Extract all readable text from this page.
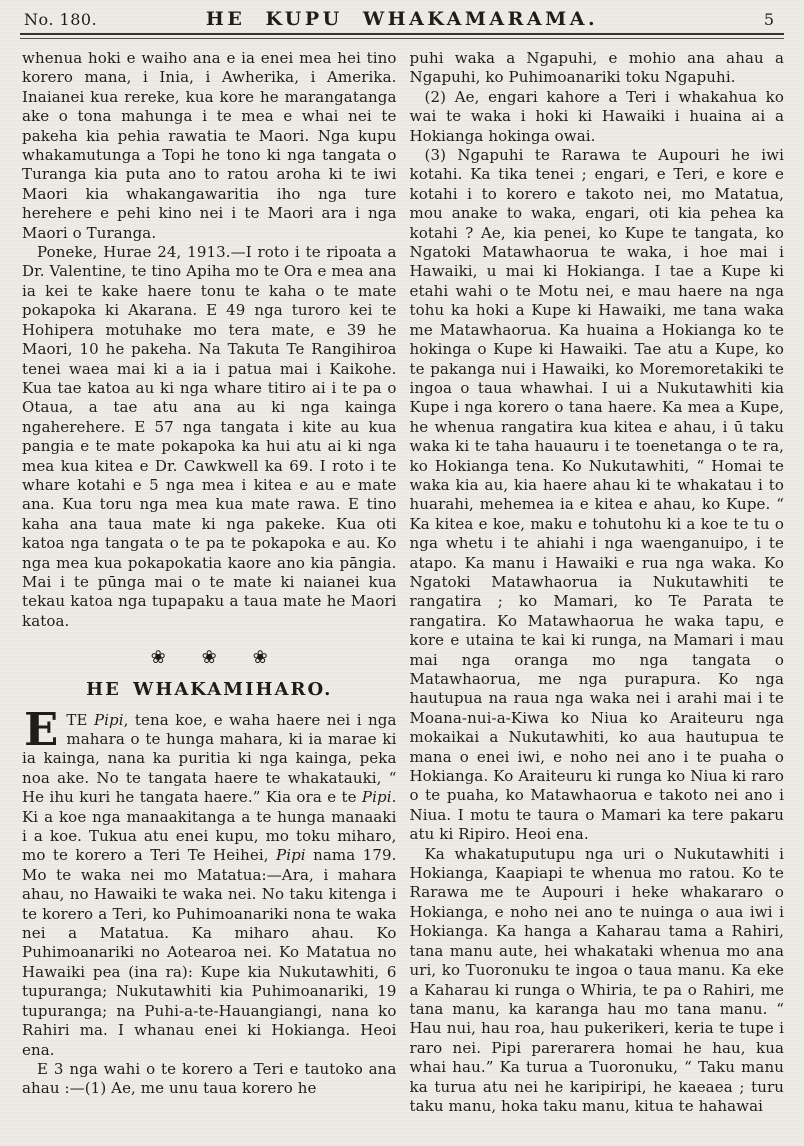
No. 180.	HE KUPU WHAKAMARAMA.	5

whenua hoki e waiho ana e ia enei mea hei tino korero mana, i Inia, i Awherika, i Amerika. Inaianei kua rereke, kua kore he marangatanga ake o tona mahunga i te mea e whai nei te pakeha kia pehia rawatia te Maori. Nga kupu whakamutunga a Topi he tono ki nga tangata o Turanga kia puta ano to ratou aroha ki te iwi Maori kia whakangawaritia iho nga ture herehere e pehi kino nei i te Maori ara i nga Maori o Turanga.

Poneke, Hurae 24, 1913.—I roto i te ripoata a Dr. Valentine, te tino Apiha mo te Ora e mea ana ia kei te kake haere tonu te kaha o te mate pokapoka ki Akarana. E 49 nga turoro kei te Hohipera motuhake mo tera mate, e 39 he Maori, 10 he pakeha. Na Takuta Te Rangihiroa tenei waea mai ki a ia i patua mai i Kaikohe. Kua tae katoa au ki nga whare titiro ai i te pa o Otaua, a tae atu ana au ki nga kainga ngaherehere. E 57 nga tangata i kite au kua pangia e te mate pokapoka ka hui atu ai ki nga mea kua kitea e Dr. Cawkwell ka 69. I roto i te whare kotahi e 5 nga mea i kitea e au e mate ana. Kua toru nga mea kua mate rawa. E tino kaha ana taua mate ki nga pakeke. Kua oti katoa nga tangata o te pa te pokapoka e au. Ko nga mea kua pokapokatia kaore ano kia pāngia. Mai i te pūnga mai o te mate ki naianei kua tekau katoa nga tupapaku a taua mate he Maori katoa.

❀ ❀ ❀
HE WHAKAMIHARO.

ETE Pipi, tena koe, e waha haere nei i nga mahara o te hunga mahara, ki ia marae ki ia kainga, nana ka puritia ki nga kainga, peka noa ake. No te tangata haere te whakatauki, “ He ihu kuri he tangata haere.” Kia ora e te Pipi. Ki a koe nga manaakitanga a te hunga manaaki i a koe. Tukua atu enei kupu, mo toku miharo, mo te korero a Teri Te Heihei, Pipi nama 179. Mo te waka nei mo Matatua:—Ara, i mahara ahau, no Hawaiki te waka nei. No taku kitenga i te korero a Teri, ko Puhimoanariki nona te waka nei a Matatua. Ka miharo ahau. Ko Puhimoanariki no Aotearoa nei. Ko Matatua no Hawaiki pea (ina ra): Kupe kia Nukutawhiti, 6 tupuranga; Nukutawhiti kia Puhimoanariki, 19 tupuranga; na Puhi-a-te-Hauangiangi, nana ko Rahiri ma. I whanau enei ki Hokianga. Heoi ena.

E 3 nga wahi o te korero a Teri e tautoko ana ahau :—(1) Ae, me unu taua korero he

puhi waka a Ngapuhi, e mohio ana ahau a Ngapuhi, ko Puhimoanariki toku Ngapuhi.

(2) Ae, engari kahore a Teri i whakahua ko wai te waka i hoki ki Hawaiki i huaina ai a Hokianga hokinga owai.

(3) Ngapuhi te Rarawa te Aupouri he iwi kotahi. Ka tika tenei ; engari, e Teri, e kore e kotahi i to korero e takoto nei, mo Matatua, mou anake to waka, engari, oti kia pehea ka kotahi ? Ae, kia penei, ko Kupe te tangata, ko Ngatoki Matawhaorua te waka, i hoe mai i Hawaiki, u mai ki Hokianga. I tae a Kupe ki etahi wahi o te Motu nei, e mau haere na nga tohu ka hoki a Kupe ki Hawaiki, me tana waka me Matawhaorua. Ka huaina a Hokianga ko te hokinga o Kupe ki Hawaiki. Tae atu a Kupe, ko te pakanga nui i Hawaiki, ko Moremoretakiki te ingoa o taua whawhai. I ui a Nukutawhiti kia Kupe i nga korero o tana haere. Ka mea a Kupe, he whenua rangatira kua kitea e ahau, i ū taku waka ki te taha hauauru i te toenetanga o te ra, ko Hokianga tena. Ko Nukutawhiti, “ Homai te waka kia au, kia haere ahau ki te whakatau i to huarahi, mehemea ia e kitea e ahau, ko Kupe. “ Ka kitea e koe, maku e tohutohu ki a koe te tu o nga whetu i te ahiahi i nga waenganuipo, i te atapo. Ka manu i Hawaiki e rua nga waka. Ko Ngatoki Matawhaorua ia Nukutawhiti te rangatira ; ko Mamari, ko Te Parata te rangatira. Ko Matawhaorua he waka tapu, e kore e utaina te kai ki runga, na Mamari i mau mai nga oranga mo nga tangata o Matawhaorua, me nga purapura. Ko nga hautupua na raua nga waka nei i arahi mai i te Moana-nui-a-Kiwa ko Niua ko Araiteuru nga mokaikai a Nukutawhiti, ko aua hautupua te mana o enei iwi, e noho nei ano i te puaha o Hokianga. Ko Araiteuru ki runga ko Niua ki raro o te puaha, ko Matawhaorua e takoto nei ano i Niua. I motu te taura o Mamari ka tere pakaru atu ki Ripiro. Heoi ena.

Ka whakatuputupu nga uri o Nukutawhiti i Hokianga, Kaapiapi te whenua mo ratou. Ko te Rarawa me te Aupouri i heke whakararo o Hokianga, e noho nei ano te nuinga o aua iwi i Hokianga. Ka hanga a Kaharau tama a Rahiri, tana manu aute, hei whakataki whenua mo ana uri, ko Tuoronuku te ingoa o taua manu. Ka eke a Kaharau ki runga o Whiria, te pa o Rahiri, me tana manu, ka karanga hau mo tana manu. “ Hau nui, hau roa, hau pukerikeri, keria te tupe i raro nei. Pipi parerarera homai he hau, kua whai hau.” Ka turua a Tuoronuku, “ Taku manu ka turua atu nei he karipiripi, he kaeaea ; turu taku manu, hoka taku manu, kitua te hahawai
